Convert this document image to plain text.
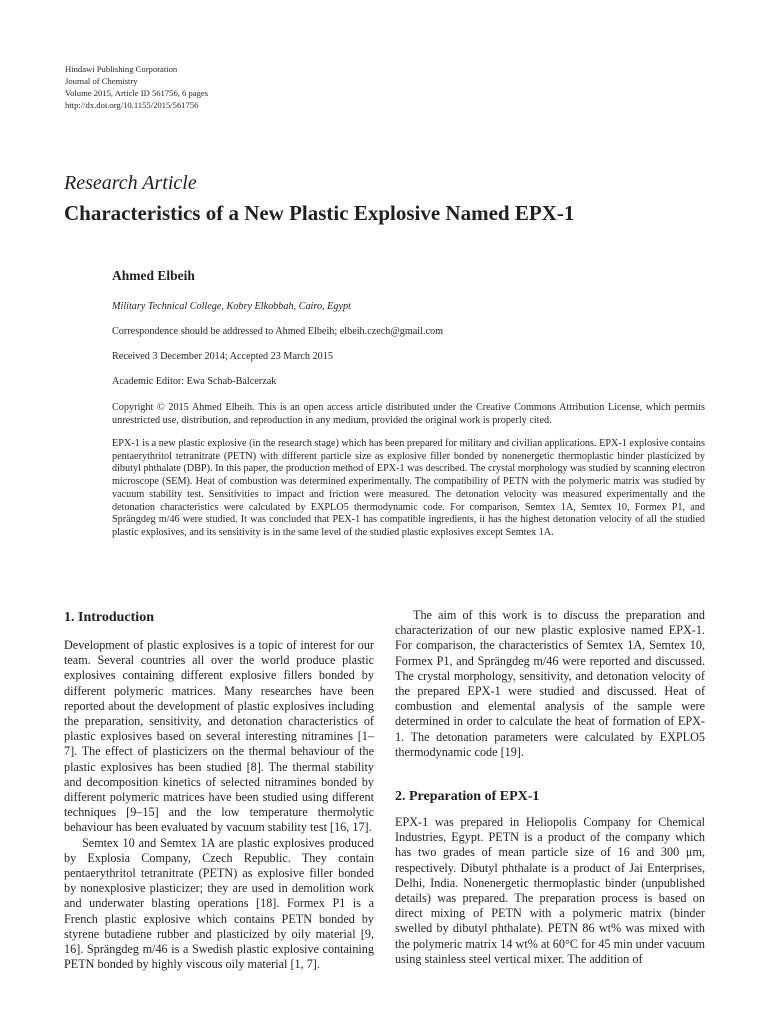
Hindawi Publishing Corporation
Journal of Chemistry
Volume 2015, Article ID 561756, 6 pages
http://dx.doi.org/10.1155/2015/561756
Research Article
Characteristics of a New Plastic Explosive Named EPX-1
Ahmed Elbeih
Military Technical College, Kobry Elkobbah, Cairo, Egypt
Correspondence should be addressed to Ahmed Elbeih; elbeih.czech@gmail.com
Received 3 December 2014; Accepted 23 March 2015
Academic Editor: Ewa Schab-Balcerzak

Copyright © 2015 Ahmed Elbeih. This is an open access article distributed under the Creative Commons Attribution License, which permits unrestricted use, distribution, and reproduction in any medium, provided the original work is properly cited.

EPX-1 is a new plastic explosive (in the research stage) which has been prepared for military and civilian applications. EPX-1 explosive contains pentaerythritol tetranitrate (PETN) with different particle size as explosive filler bonded by nonenergetic thermoplastic binder plasticized by dibutyl phthalate (DBP). In this paper, the production method of EPX-1 was described. The crystal morphology was studied by scanning electron microscope (SEM). Heat of combustion was determined experimentally. The compatibility of PETN with the polymeric matrix was studied by vacuum stability test. Sensitivities to impact and friction were measured. The detonation velocity was measured experimentally and the detonation characteristics were calculated by EXPLO5 thermodynamic code. For comparison, Semtex 1A, Semtex 10, Formex P1, and Sprängdeg m/46 were studied. It was concluded that PEX-1 has compatible ingredients, it has the highest detonation velocity of all the studied plastic explosives, and its sensitivity is in the same level of the studied plastic explosives except Semtex 1A.

1. Introduction

Development of plastic explosives is a topic of interest for our team. Several countries all over the world produce plastic explosives containing different explosive fillers bonded by different polymeric matrices. Many researches have been reported about the development of plastic explosives including the preparation, sensitivity, and detonation characteristics of plastic explosives based on several interesting nitramines [1–7]. The effect of plasticizers on the thermal behaviour of the plastic explosives has been studied [8]. The thermal stability and decomposition kinetics of selected nitramines bonded by different polymeric matrices have been studied using different techniques [9–15] and the low temperature thermolytic behaviour has been evaluated by vacuum stability test [16, 17].

Semtex 10 and Semtex 1A are plastic explosives produced by Explosia Company, Czech Republic. They contain pentaerythritol tetranitrate (PETN) as explosive filler bonded by nonexplosive plasticizer; they are used in demolition work and underwater blasting operations [18]. Formex P1 is a French plastic explosive which contains PETN bonded by styrene butadiene rubber and plasticized by oily material [9, 16]. Sprängdeg m/46 is a Swedish plastic explosive containing PETN bonded by highly viscous oily material [1, 7].

The aim of this work is to discuss the preparation and characterization of our new plastic explosive named EPX-1. For comparison, the characteristics of Semtex 1A, Semtex 10, Formex P1, and Sprängdeg m/46 were reported and discussed. The crystal morphology, sensitivity, and detonation velocity of the prepared EPX-1 were studied and discussed. Heat of combustion and elemental analysis of the sample were determined in order to calculate the heat of formation of EPX-1. The detonation parameters were calculated by EXPLO5 thermodynamic code [19].

2. Preparation of EPX-1

EPX-1 was prepared in Heliopolis Company for Chemical Industries, Egypt. PETN is a product of the company which has two grades of mean particle size of 16 and 300 μm, respectively. Dibutyl phthalate is a product of Jai Enterprises, Delhi, India. Nonenergetic thermoplastic binder (unpublished details) was prepared. The preparation process is based on direct mixing of PETN with a polymeric matrix (binder swelled by dibutyl phthalate). PETN 86 wt% was mixed with the polymeric matrix 14 wt% at 60°C for 45 min under vacuum using stainless steel vertical mixer. The addition of
